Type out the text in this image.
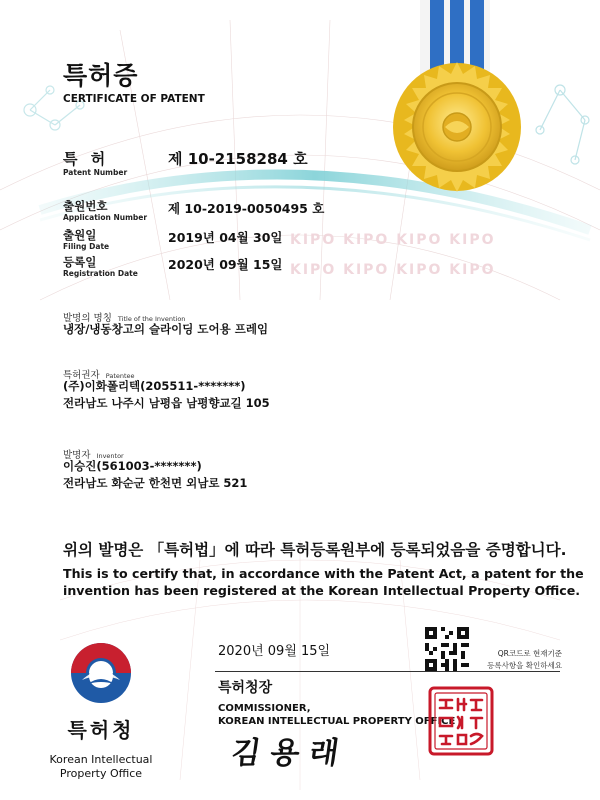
특허증
CERTIFICATE OF PATENT
특 허
Patent Number
제 10-2158284 호
출원번호
Application Number
제 10-2019-0050495 호
출원일
Filing Date
2019년 04월 30일
등록일
Registration Date
2020년 09월 15일
KIPO KIPO KIPO KIPO
KIPO KIPO KIPO KIPO
발명의 명칭 Title of the Invention
냉장/냉동창고의 슬라이딩 도어용 프레임
특허권자 Patentee
(주)이화폴리텍(205511-*******)
전라남도 나주시 남평읍 남평향교길 105
발명자 Inventor
이승진(561003-*******)
전라남도 화순군 한천면 외남로 521
위의 발명은 「특허법」에 따라 특허등록원부에 등록되었음을 증명합니다.
This is to certify that, in accordance with the Patent Act, a patent for the
invention has been registered at the Korean Intellectual Property Office.
특허청
Korean Intellectual
Property Office
2020년 09월 15일	QR코드로 현재기준
등록사항을 확인하세요
특허청장
COMMISSIONER,
KOREAN INTELLECTUAL PROPERTY OFFICE
김용래
